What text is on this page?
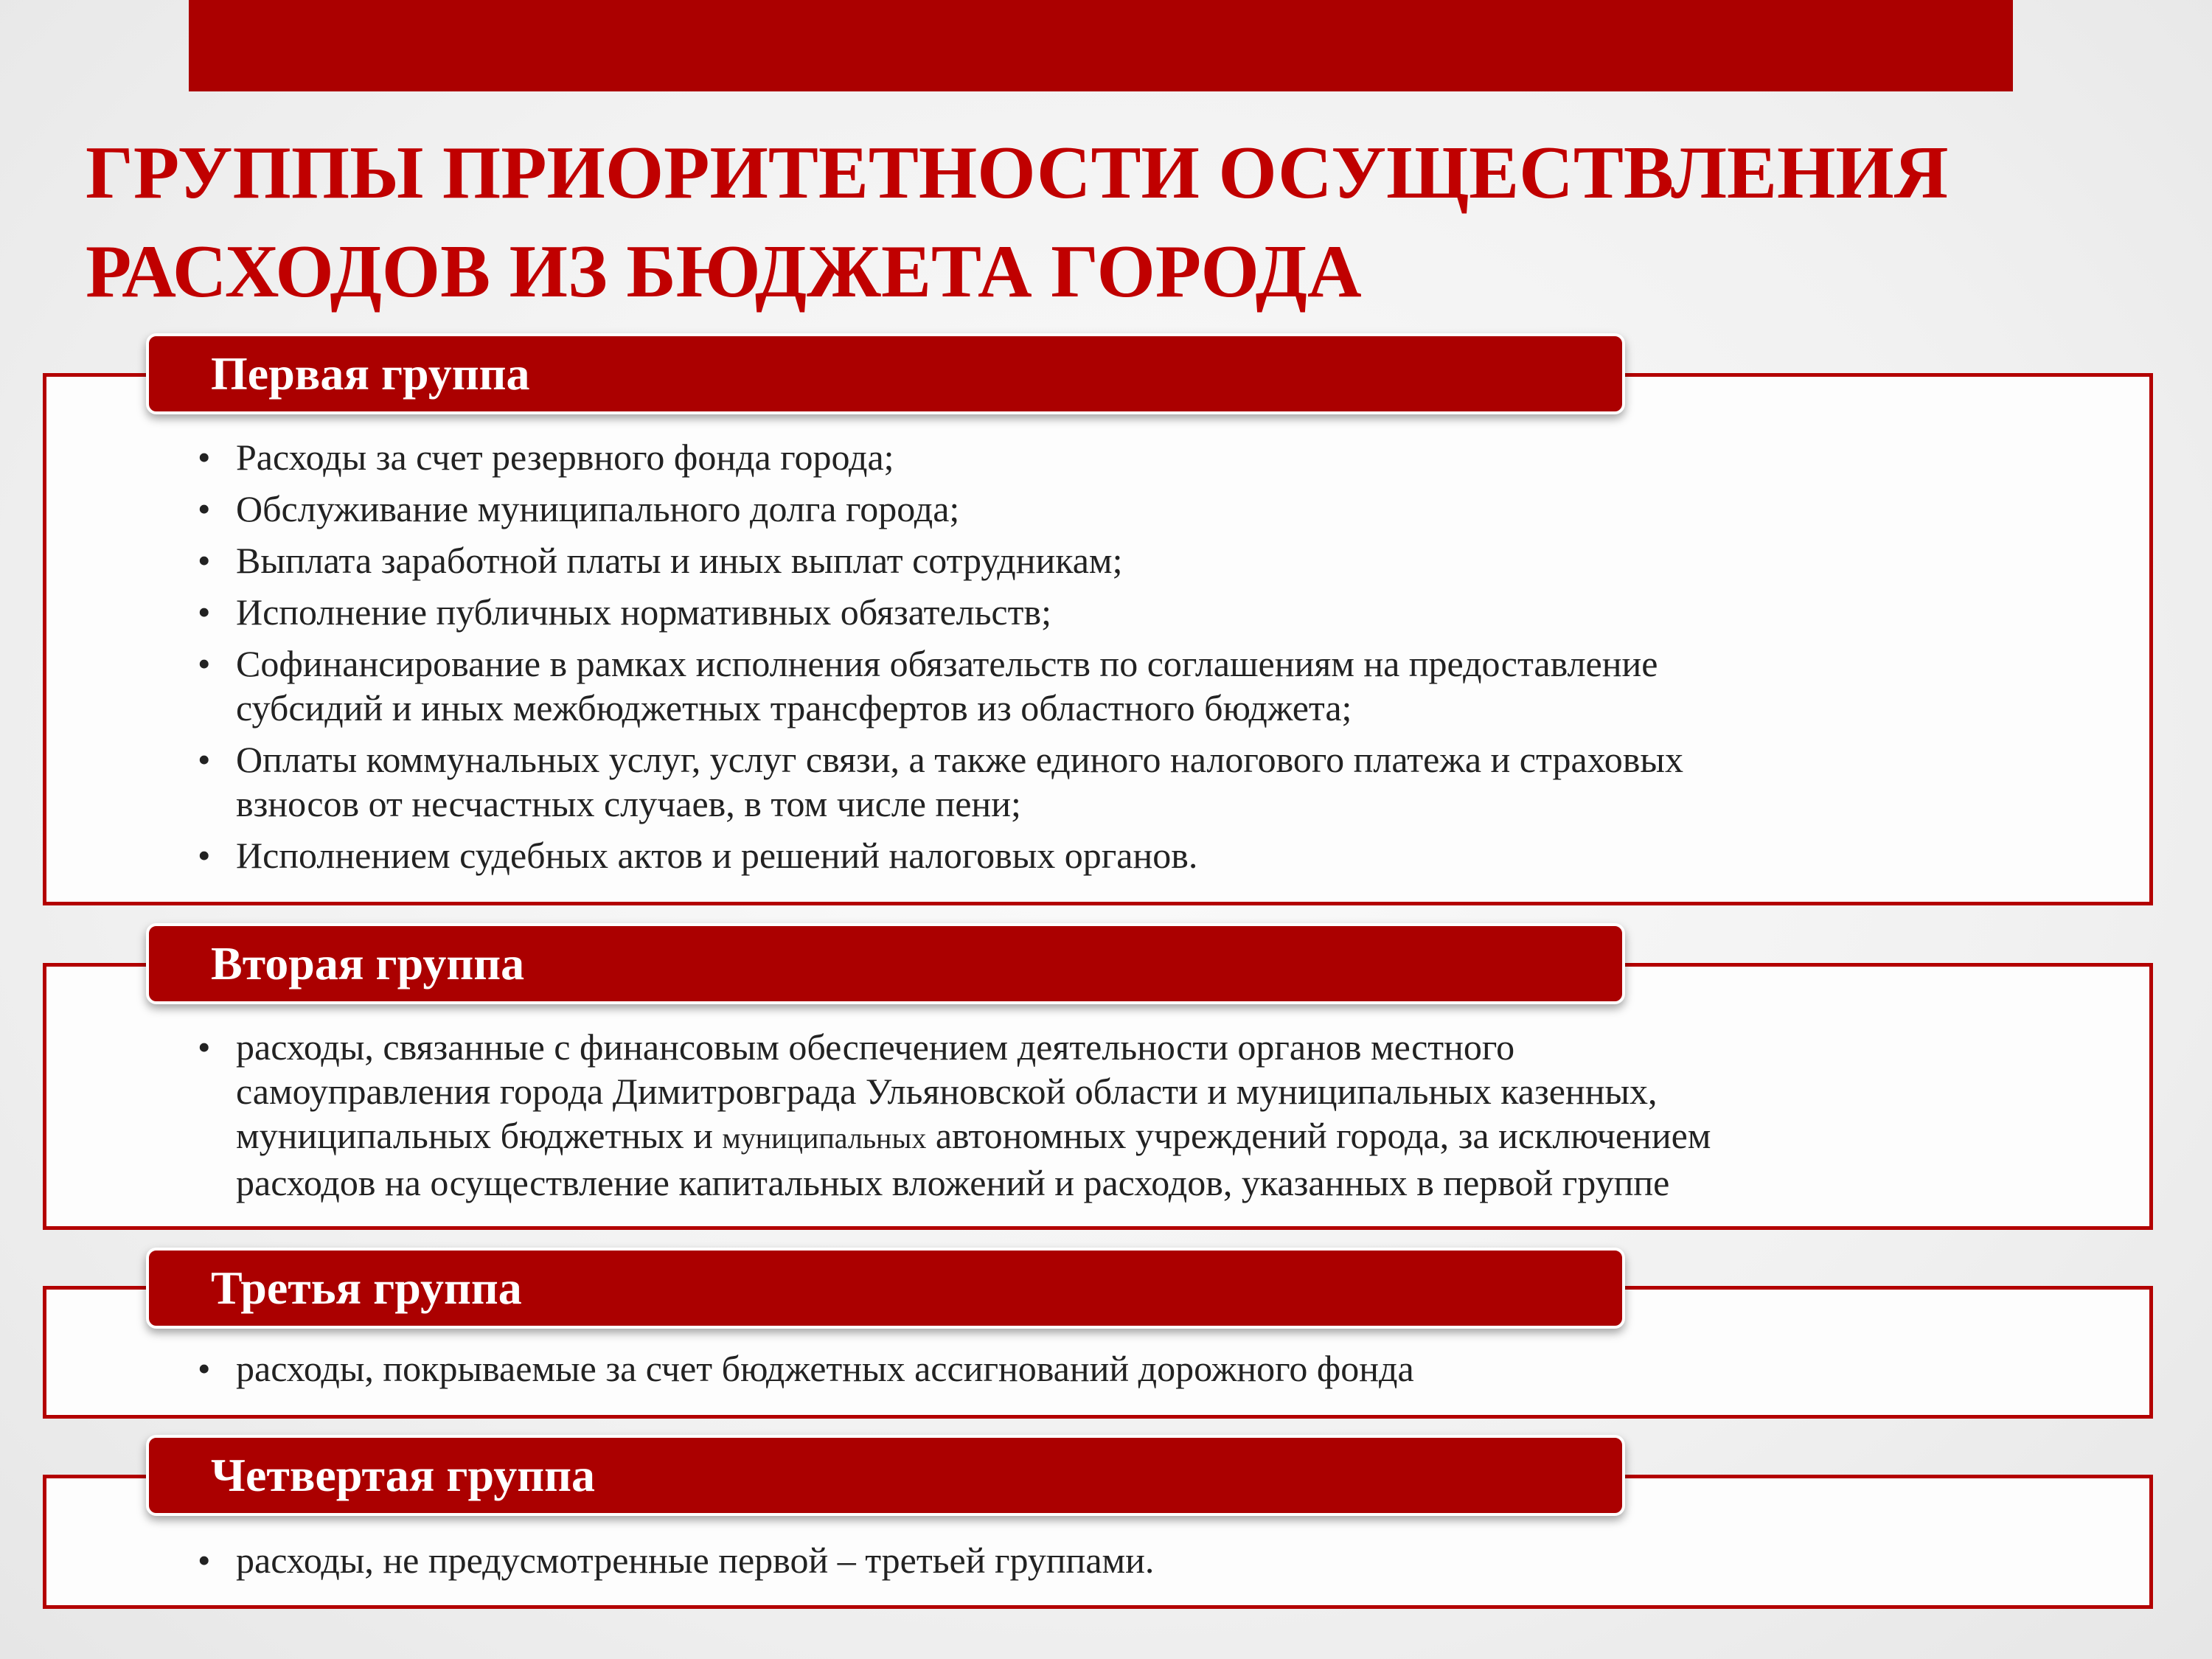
ГРУППЫ ПРИОРИТЕТНОСТИ ОСУЩЕСТВЛЕНИЯ
РАСХОДОВ ИЗ БЮДЖЕТА ГОРОДА
Первая группа
• Расходы за счет резервного фонда города;
• Обслуживание муниципального долга города;
• Выплата заработной платы и иных выплат сотрудникам;
• Исполнение публичных нормативных обязательств;
• Софинансирование в рамках исполнения обязательств по соглашениям на предоставление
субсидий и иных межбюджетных трансфертов из областного бюджета;
• Оплаты коммунальных услуг, услуг связи, а также единого налогового платежа и страховых
взносов от несчастных случаев, в том числе пени;
• Исполнением судебных актов и решений налоговых органов.
Вторая группа
• расходы, связанные с финансовым обеспечением деятельности органов местного
самоуправления города Димитровграда Ульяновской области и муниципальных казенных,
муниципальных бюджетных и муниципальных автономных учреждений города, за исключением
расходов на осуществление капитальных вложений и расходов, указанных в первой группе
Третья группа
• расходы, покрываемые за счет бюджетных ассигнований дорожного фонда
Четвертая группа
• расходы, не предусмотренные первой – третьей группами.
